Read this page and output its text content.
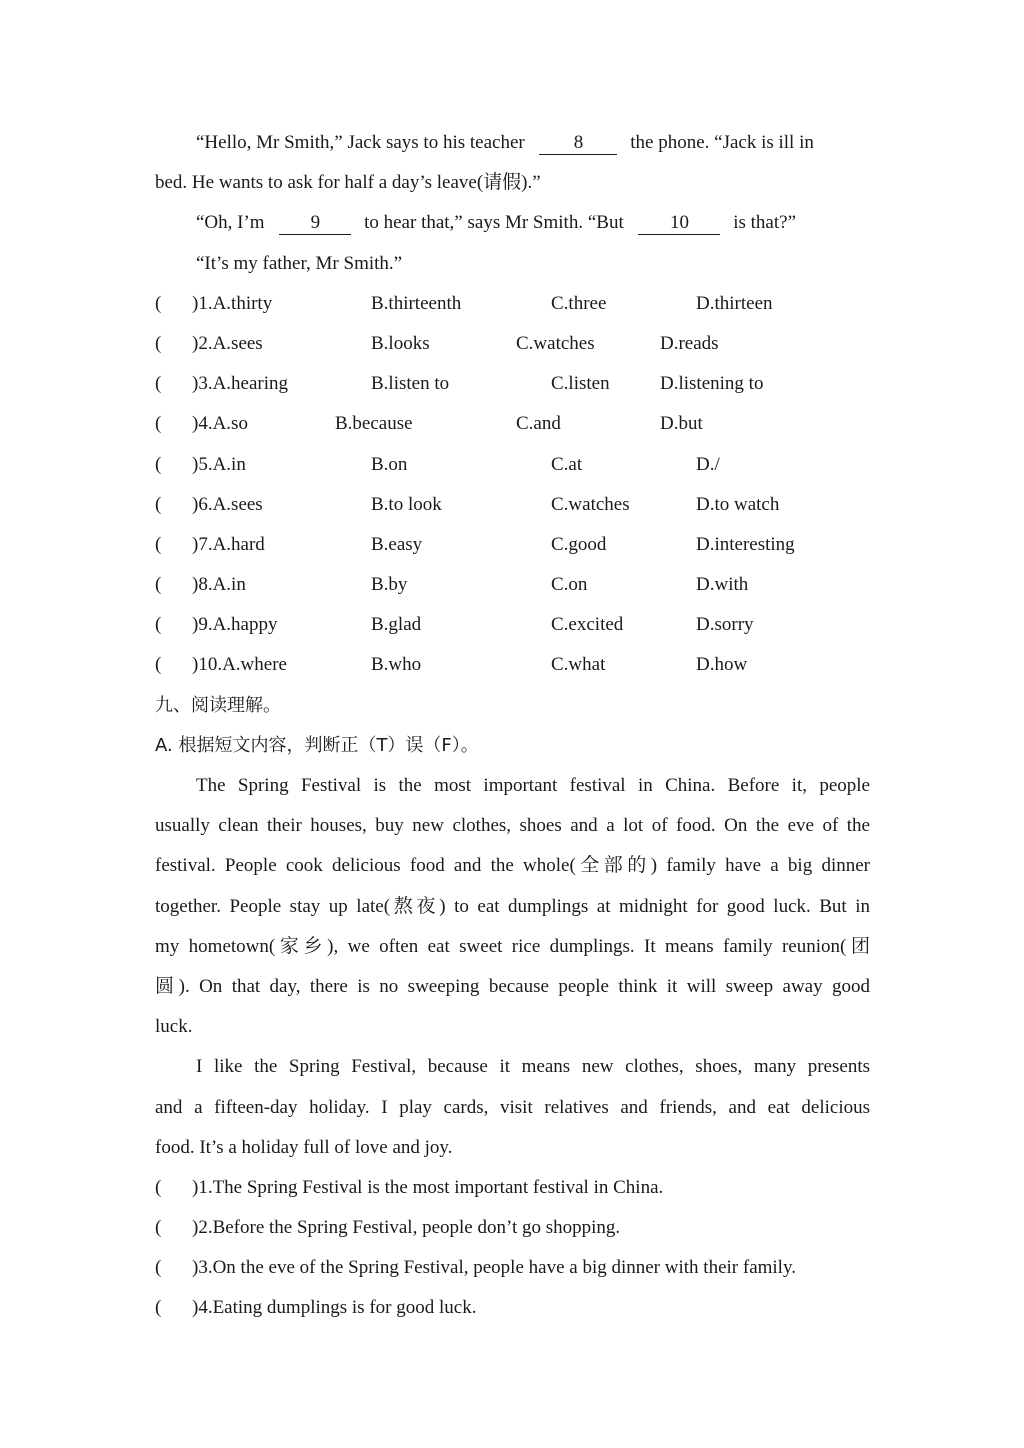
“Hello, Mr Smith,” Jack says to his teacher	8 the phone. “Jack is ill in
bed. He wants to ask for half a day’s leave(请假).”
“Oh, I’m 9 to hear that,” says Mr Smith. “But 10 is that?”
“It’s my father, Mr Smith.”
( )1.A.thirty	B.thirteenth	C.three	D.thirteen
( )2.A.sees	B.looks	C.watches	D.reads
( )3.A.hearing	B.listen to	C.listen	D.listening to
( )4.A.so	B.because	C.and	D.but
( )5.A.in	B.on	C.at	D./
( )6.A.sees	B.to look	C.watches	D.to watch
( )7.A.hard	B.easy	C.good	D.interesting
( )8.A.in	B.by	C.on	D.with
( )9.A.happy	B.glad	C.excited	D.sorry
( )10.A.where	B.who	C.what	D.how
九、阅读理解。
A. 根据短文内容，判断正（T）误（F）。
The Spring Festival is the most important festival in China. Before it, people
usually clean their houses, buy new clothes, shoes and a lot of food. On the eve of the
festival. People cook delicious food and the whole(全部的) family have a big dinner
together. People stay up late(熬夜) to eat dumplings at midnight for good luck. But in
my hometown(家乡), we often eat sweet rice dumplings. It means family reunion(团
圆). On that day, there is no sweeping because people think it will sweep away good
luck.
I like the Spring Festival, because it means new clothes, shoes, many presents
and a fifteen-day holiday. I play cards, visit relatives and friends, and eat delicious
food. It’s a holiday full of love and joy.
( )1.The Spring Festival is the most important festival in China.
( )2.Before the Spring Festival, people don’t go shopping.
( )3.On the eve of the Spring Festival, people have a big dinner with their family.
( )4.Eating dumplings is for good luck.
